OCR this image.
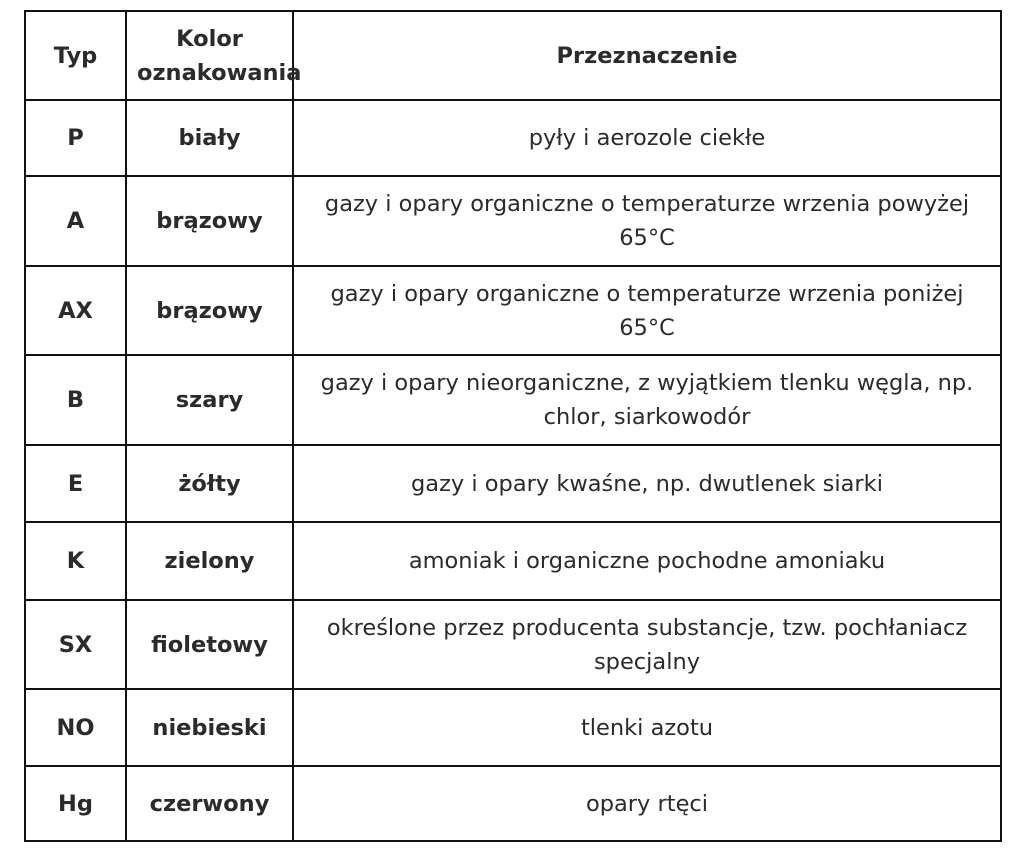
Typ	Kolor oznakowania	Przeznaczenie
P	biały	pyły i aerozole ciekłe
A	brązowy	gazy i opary organiczne o temperaturze wrzenia powyżej 65°C
AX	brązowy	gazy i opary organiczne o temperaturze wrzenia poniżej 65°C
B	szary	gazy i opary nieorganiczne, z wyjątkiem tlenku węgla, np. chlor, siarkowodór
E	żółty	gazy i opary kwaśne, np. dwutlenek siarki
K	zielony	amoniak i organiczne pochodne amoniaku
SX	fioletowy	określone przez producenta substancje, tzw. pochłaniacz specjalny
NO	niebieski	tlenki azotu
Hg	czerwony	opary rtęci
